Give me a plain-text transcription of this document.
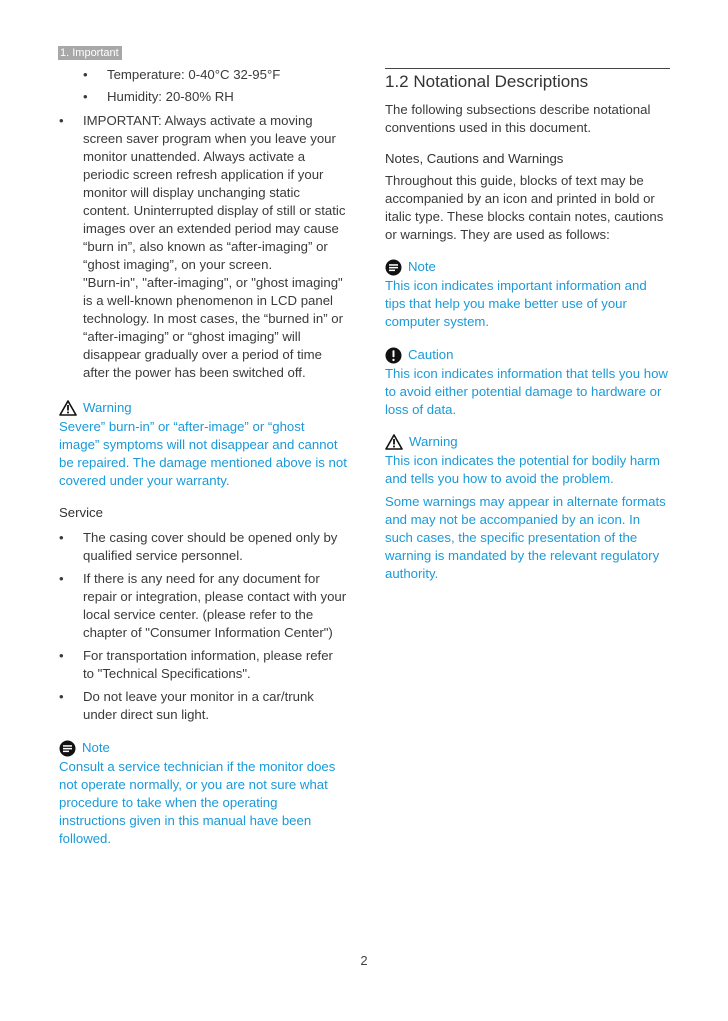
1. Important
•	Temperature: 0-40°C 32-95°F
•	Humidity: 20-80% RH
•	IMPORTANT: Always activate a moving screen saver program when you leave your monitor unattended. Always activate a periodic screen refresh application if your monitor will display unchanging static content. Uninterrupted display of still or static images over an extended period may cause “burn in”, also known as “after-imaging” or “ghost imaging”, on your screen.

"Burn-in", "after-imaging", or "ghost imaging" is a well-known phenomenon in LCD panel technology. In most cases, the “burned in” or “after-imaging” or “ghost imaging” will disappear gradually over a period of time after the power has been switched off.

Warning

Severe” burn-in” or “after-image” or “ghost image” symptoms will not disappear and cannot be repaired. The damage mentioned above is not covered under your warranty.

Service

•	The casing cover should be opened only by qualified service personnel.
•	If there is any need for any document for repair or integration, please contact with your local service center. (please refer to the chapter of "Consumer Information Center")
•	For transportation information, please refer to "Technical Specifications".
•	Do not leave your monitor in a car/trunk under direct sun light.
Note

Consult a service technician if the monitor does not operate normally, or you are not sure what procedure to take when the operating instructions given in this manual have been followed.

1.2 Notational Descriptions

The following subsections describe notational conventions used in this document.

Notes, Cautions and Warnings

Throughout this guide, blocks of text may be accompanied by an icon and printed in bold or italic type. These blocks contain notes, cautions or warnings. They are used as follows:

Note

This icon indicates important information and tips that help you make better use of your computer system.

Caution

This icon indicates information that tells you how to avoid either potential damage to hardware or loss of data.

Warning

This icon indicates the potential for bodily harm and tells you how to avoid the problem.

Some warnings may appear in alternate formats and may not be accompanied by an icon. In such cases, the specific presentation of the warning is mandated by the relevant regulatory authority.

2
